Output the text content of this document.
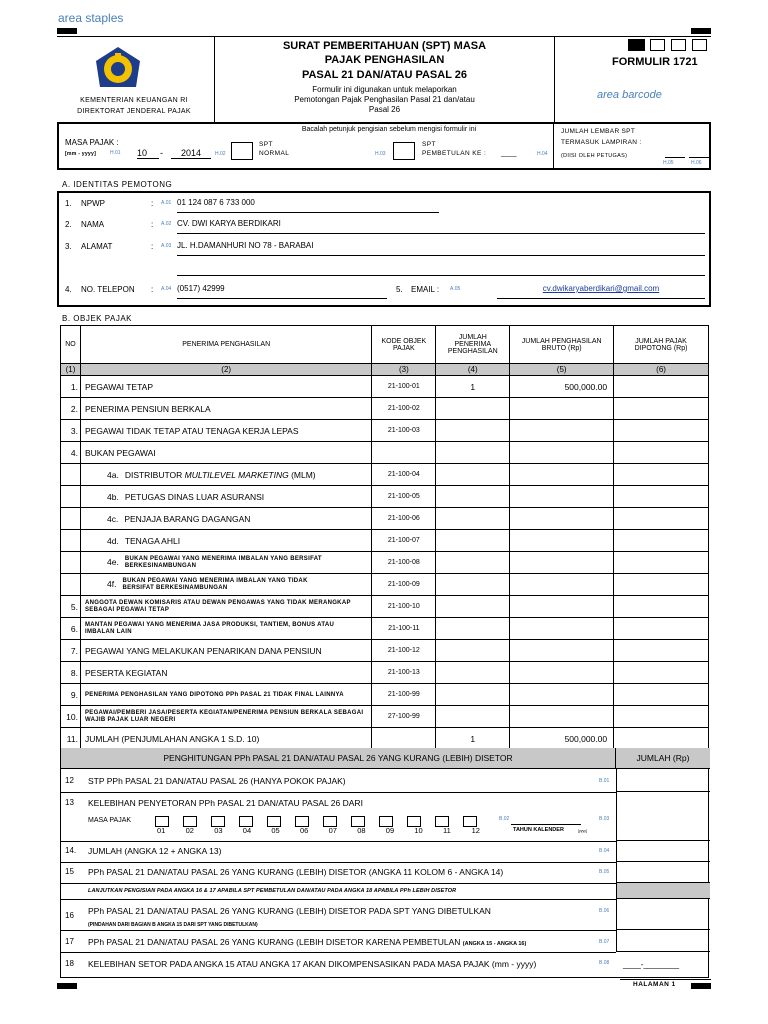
area staples
KEMENTERIAN KEUANGAN RI
DIREKTORAT JENDERAL PAJAK
SURAT PEMBERITAHUAN (SPT) MASA
PAJAK PENGHASILAN
PASAL 21 DAN/ATAU PASAL 26
Formulir ini digunakan untuk melaporkan
Pemotongan Pajak Penghasilan Pasal 21 dan/atau
Pasal 26
FORMULIR 1721
area barcode
Bacalah petunjuk pengisian sebelum mengisi formulir ini
MASA PAJAK :
[mm - yyyy]	H.01 10	-	2014	H.02
SPT
NORMAL	H.03
SPT
PEMBETULAN KE : ____	H.04
JUMLAH LEMBAR SPT
TERMASUK LAMPIRAN :
(DIISI OLEH PETUGAS)
H.05	H.06
A. IDENTITAS PEMOTONG
1. NPWP	: A.01 01 124 087 6 733 000
2. NAMA	: A.02 CV. DWI KARYA BERDIKARI
3. ALAMAT	: A.03 JL. H.DAMANHURI NO 78 - BARABAI
4. NO. TELEPON : A.04 (0517) 42999	5. EMAIL : A.05	cv.dwikaryaberdikari@gmail.com
B. OBJEK PAJAK
NO	PENERIMA PENGHASILAN	KODE OBJEK PAJAK	JUMLAH PENERIMA PENGHASILAN	JUMLAH PENGHASILAN BRUTO (Rp)	JUMLAH PAJAK DIPOTONG (Rp)
(1)	(2)	(3)	(4)	(5)	(6)
1.	PEGAWAI TETAP	21-100-01	1	500,000.00	
2.	PENERIMA PENSIUN BERKALA	21-100-02			
3.	PEGAWAI TIDAK TETAP ATAU TENAGA KERJA LEPAS	21-100-03			
4.	BUKAN PEGAWAI				
	4a. DISTRIBUTOR MULTILEVEL MARKETING (MLM)	21-100-04			
	4b. PETUGAS DINAS LUAR ASURANSI	21-100-05			
	4c. PENJAJA BARANG DAGANGAN	21-100-06			
	4d. TENAGA AHLI	21-100-07			
	4e. BUKAN PEGAWAI YANG MENERIMA IMBALAN YANG BERSIFAT BERKESINAMBUNGAN	21-100-08			
	4f. BUKAN PEGAWAI YANG MENERIMA IMBALAN YANG TIDAK BERSIFAT BERKESINAMBUNGAN	21-100-09			
5.	ANGGOTA DEWAN KOMISARIS ATAU DEWAN PENGAWAS YANG TIDAK MERANGKAP SEBAGAI PEGAWAI TETAP	21-100-10			
6.	MANTAN PEGAWAI YANG MENERIMA JASA PRODUKSI, TANTIEM, BONUS ATAU IMBALAN LAIN	21-100-11			
7.	PEGAWAI YANG MELAKUKAN PENARIKAN DANA PENSIUN	21-100-12			
8.	PESERTA KEGIATAN	21-100-13			
9.	PENERIMA PENGHASILAN YANG DIPOTONG PPh PASAL 21 TIDAK FINAL LAINNYA	21-100-99			
10.	PEGAWAI/PEMBERI JASA/PESERTA KEGIATAN/PENERIMA PENSIUN BERKALA SEBAGAI WAJIB PAJAK LUAR NEGERI	27-100-99			
11.	JUMLAH (PENJUMLAHAN ANGKA 1 S.D. 10)		1	500,000.00	
PENGHITUNGAN PPh PASAL 21 DAN/ATAU PASAL 26 YANG KURANG (LEBIH) DISETOR	JUMLAH (Rp)
12 STP PPh PASAL 21 DAN/ATAU PASAL 26 (HANYA POKOK PAJAK)	B.01
13 KELEBIHAN PENYETORAN PPh PASAL 21 DAN/ATAU PASAL 26 DARI
MASA PAJAK
01	02	03	04	05	06	07	08	09	10	11	12
B.02
TAHUN KALENDER	[yyyy]
B.03
14. JUMLAH (ANGKA 12 + ANGKA 13)	B.04
15 PPh PASAL 21 DAN/ATAU PASAL 26 YANG KURANG (LEBIH) DISETOR (ANGKA 11 KOLOM 6 - ANGKA 14)	B.05
LANJUTKAN PENGISIAN PADA ANGKA 16 & 17 APABILA SPT PEMBETULAN DAN/ATAU PADA ANGKA 18 APABILA PPh LEBIH DISETOR
16 PPh PASAL 21 DAN/ATAU PASAL 26 YANG KURANG (LEBIH) DISETOR PADA SPT YANG DIBETULKAN
(PINDAHAN DARI BAGIAN B ANGKA 15 DARI SPT YANG DIBETULKAN)
B.06
17 PPh PASAL 21 DAN/ATAU PASAL 26 YANG KURANG (LEBIH DISETOR KARENA PEMBETULAN (ANGKA 15 - ANGKA 16)	B.07
18 KELEBIHAN SETOR PADA ANGKA 15 ATAU ANGKA 17 AKAN DIKOMPENSASIKAN PADA MASA PAJAK (mm - yyyy)	B.08 ____-________
HALAMAN 1
